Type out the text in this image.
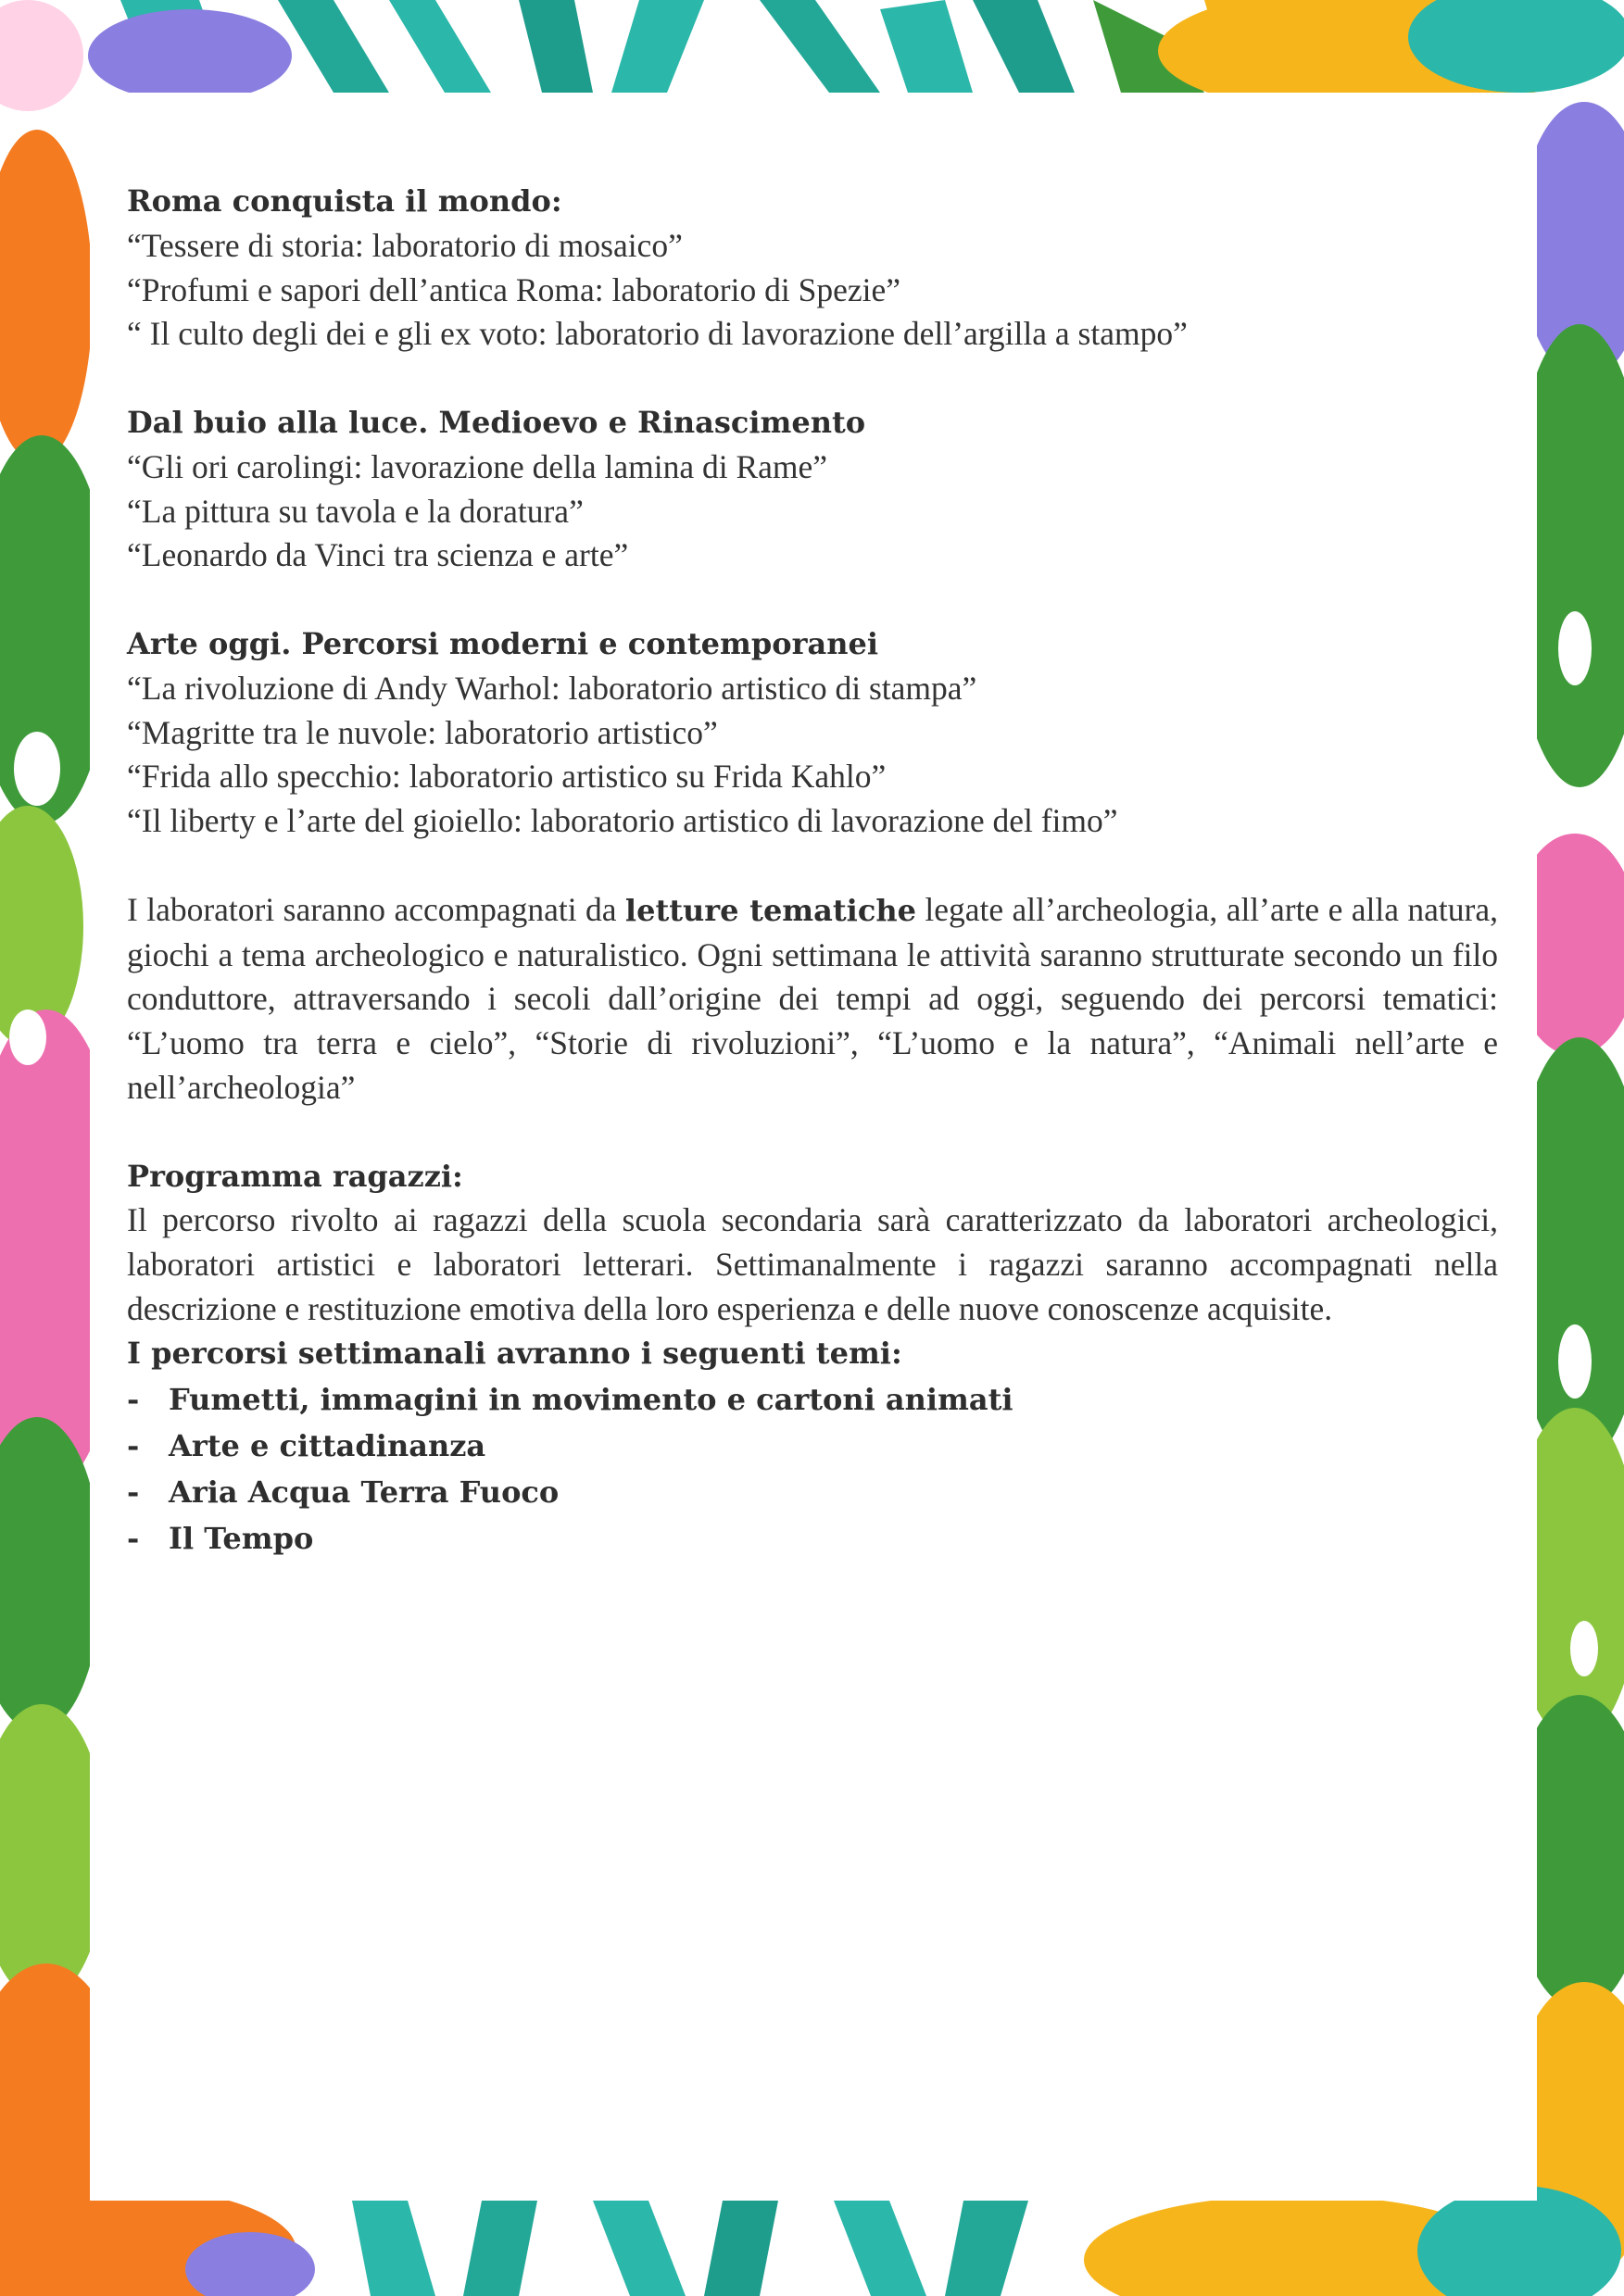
Roma conquista il mondo:
“Tessere di storia: laboratorio di mosaico”
“Profumi e sapori dell’antica Roma: laboratorio di Spezie”
“ Il culto degli dei e gli ex voto: laboratorio di lavorazione dell’argilla a stampo”
Dal buio alla luce. Medioevo e Rinascimento
“Gli ori carolingi: lavorazione della lamina di Rame”
“La pittura su tavola e la doratura”
“Leonardo da Vinci tra scienza e arte”
Arte oggi. Percorsi moderni e contemporanei
“La rivoluzione di Andy Warhol: laboratorio artistico di stampa”
“Magritte tra le nuvole: laboratorio artistico”
“Frida allo specchio: laboratorio artistico su Frida Kahlo”
“Il liberty e l’arte del gioiello: laboratorio artistico di lavorazione del fimo”
I laboratori saranno accompagnati da letture tematiche legate all’archeologia, all’arte e alla natura, giochi a tema archeologico e naturalistico. Ogni settimana le attività saranno strutturate secondo un filo conduttore, attraversando i secoli dall’origine dei tempi ad oggi, seguendo dei percorsi tematici: “L’uomo tra terra e cielo”, “Storie di rivoluzioni”, “L’uomo e la natura”, “Animali nell’arte e nell’archeologia”
Programma ragazzi:
Il percorso rivolto ai ragazzi della scuola secondaria sarà caratterizzato da laboratori archeologici, laboratori artistici e laboratori letterari. Settimanalmente i ragazzi saranno accompagnati nella descrizione e restituzione emotiva della loro esperienza e delle nuove conoscenze acquisite.
I percorsi settimanali avranno i seguenti temi:
- Fumetti, immagini in movimento e cartoni animati
- Arte e cittadinanza
- Aria Acqua Terra Fuoco
- Il Tempo
